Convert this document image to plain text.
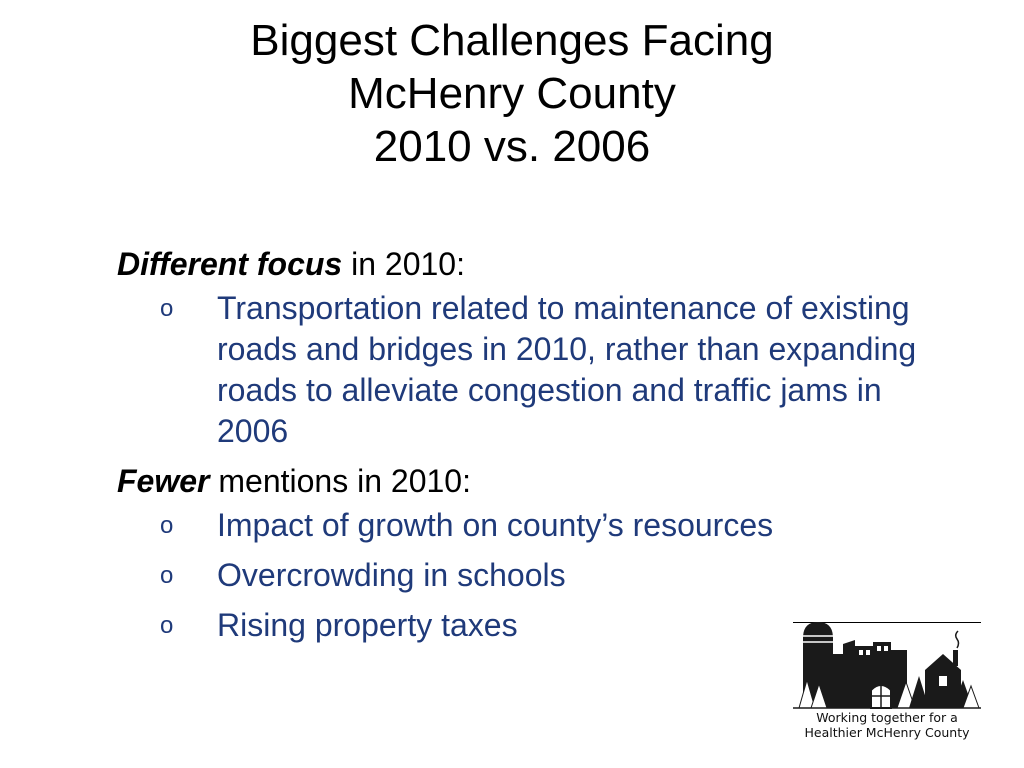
Biggest Challenges Facing
McHenry County
2010 vs. 2006
Different focus in 2010:
o Transportation related to maintenance of existing roads and bridges in 2010, rather than expanding roads to alleviate congestion and traffic jams in 2006
Fewer mentions in 2010:
o Impact of growth on county’s resources
o Overcrowding in schools
o Rising property taxes
Working together for a
Healthier McHenry County
